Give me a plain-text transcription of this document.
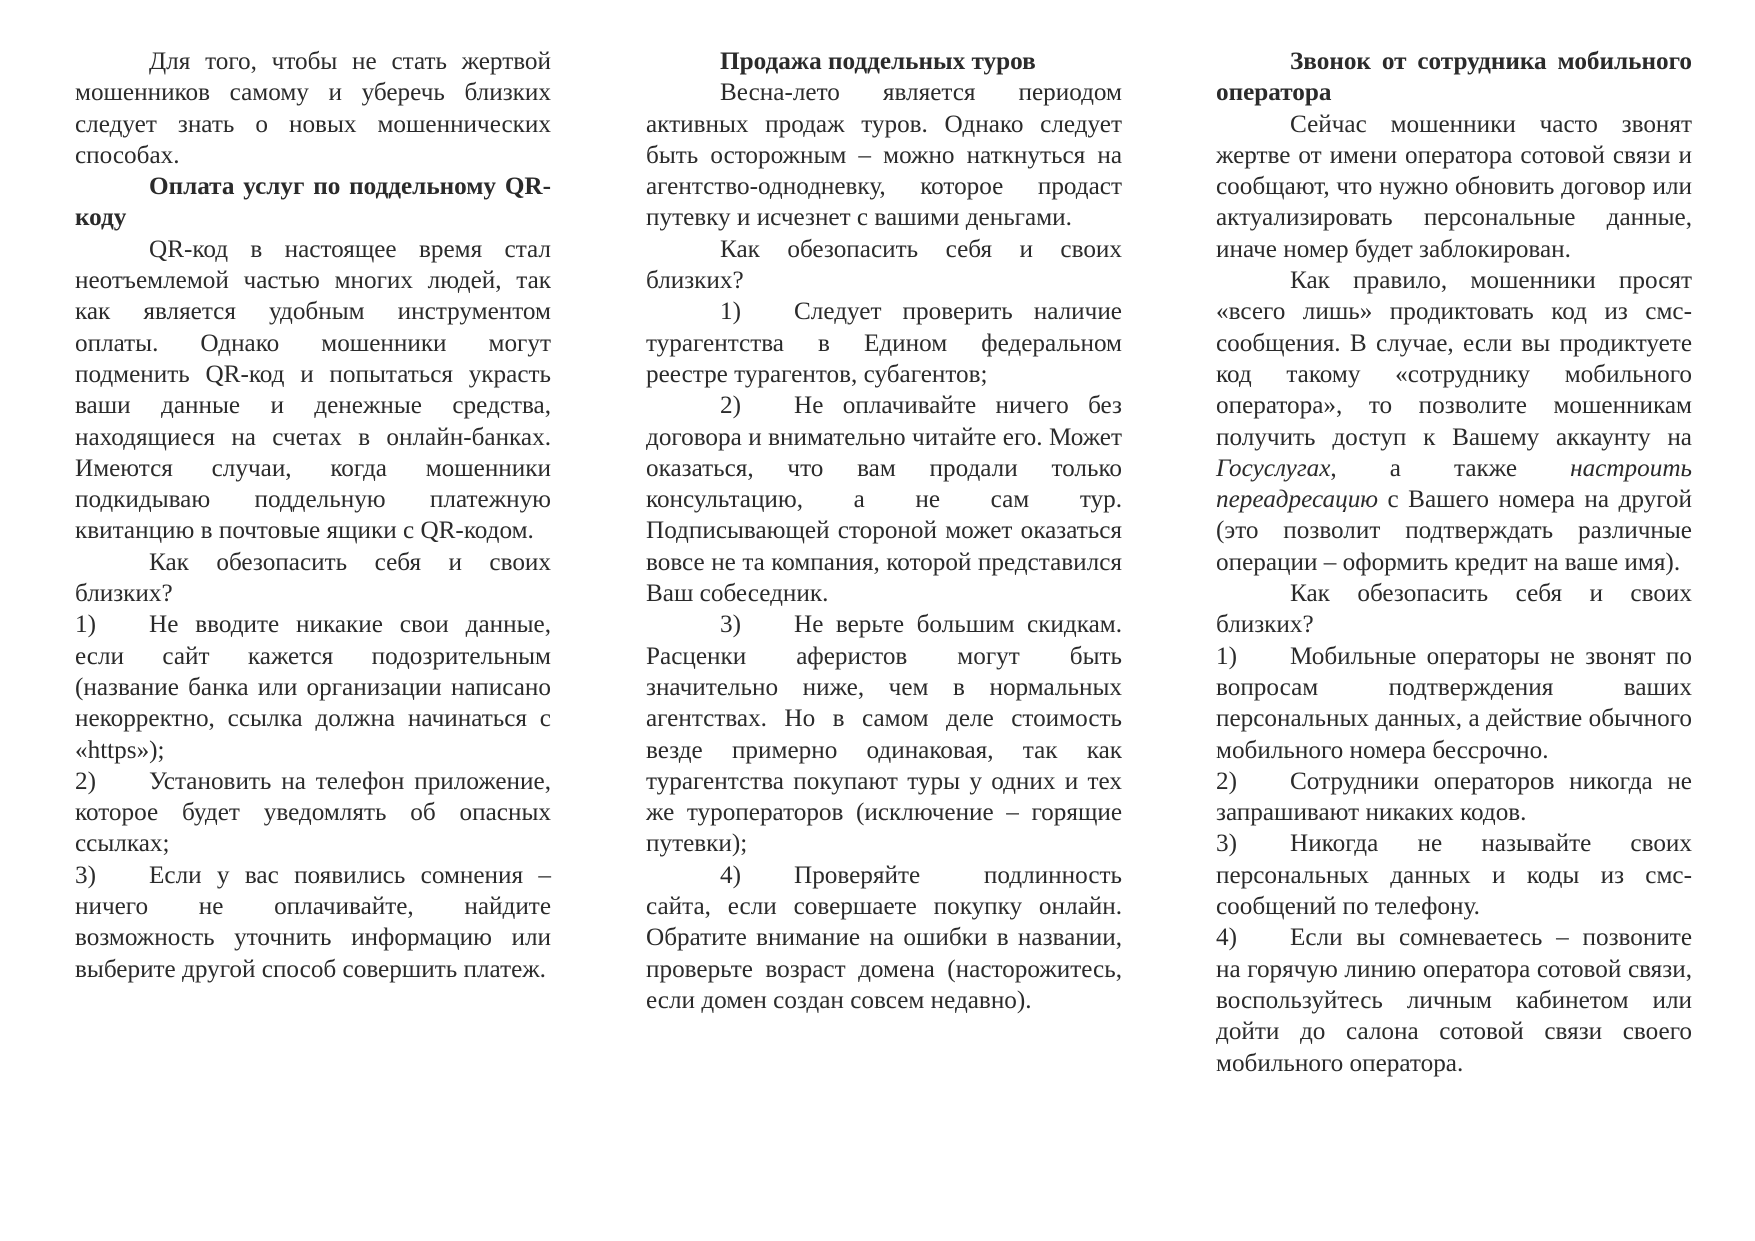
Для того, чтобы не стать жертвой мошенников самому и уберечь близких следует знать о новых мошеннических способах.

Оплата услуг по поддельному QR-коду

QR-код в настоящее время стал неотъемлемой частью многих людей, так как является удобным инструментом оплаты. Однако мошенники могут подменить QR-код и попытаться украсть ваши данные и денежные средства, находящиеся на счетах в онлайн-банках. Имеются случаи, когда мошенники подкидываю поддельную платежную квитанцию в почтовые ящики с QR-кодом.

Как обезопасить себя и своих близких?

1) Не вводите никакие свои данные, если сайт кажется подозрительным (название банка или организации написано некорректно, ссылка должна начинаться с «https»);

2) Установить на телефон приложение, которое будет уведомлять об опасных ссылках;

3) Если у вас появились сомнения – ничего не оплачивайте, найдите возможность уточнить информацию или выберите другой способ совершить платеж.

Продажа поддельных туров

Весна-лето является периодом активных продаж туров. Однако следует быть осторожным – можно наткнуться на агентство-однодневку, которое продаст путевку и исчезнет с вашими деньгами.

Как обезопасить себя и своих близких?

1) Следует проверить наличие турагентства в Едином федеральном реестре турагентов, субагентов;

2) Не оплачивайте ничего без договора и внимательно читайте его. Может оказаться, что вам продали только консультацию, а не сам тур. Подписывающей стороной может оказаться вовсе не та компания, которой представился Ваш собеседник.

3) Не верьте большим скидкам. Расценки аферистов могут быть значительно ниже, чем в нормальных агентствах. Но в самом деле стоимость везде примерно одинаковая, так как турагентства покупают туры у одних и тех же туроператоров (исключение – горящие путевки);

4) Проверяйте подлинность сайта, если совершаете покупку онлайн. Обратите внимание на ошибки в названии, проверьте возраст домена (насторожитесь, если домен создан совсем недавно).

Звонок от сотрудника мобильного оператора

Сейчас мошенники часто звонят жертве от имени оператора сотовой связи и сообщают, что нужно обновить договор или актуализировать персональные данные, иначе номер будет заблокирован.

Как правило, мошенники просят «всего лишь» продиктовать код из смс-сообщения. В случае, если вы продиктуете код такому «сотруднику мобильного оператора», то позволите мошенникам получить доступ к Вашему аккаунту на Госуслугах, а также настроить переадресацию с Вашего номера на другой (это позволит подтверждать различные операции – оформить кредит на ваше имя).

Как обезопасить себя и своих близких?

1) Мобильные операторы не звонят по вопросам подтверждения ваших персональных данных, а действие обычного мобильного номера бессрочно.

2) Сотрудники операторов никогда не запрашивают никаких кодов.

3) Никогда не называйте своих персональных данных и коды из смс-сообщений по телефону.

4) Если вы сомневаетесь – позвоните на горячую линию оператора сотовой связи, воспользуйтесь личным кабинетом или дойти до салона сотовой связи своего мобильного оператора.
